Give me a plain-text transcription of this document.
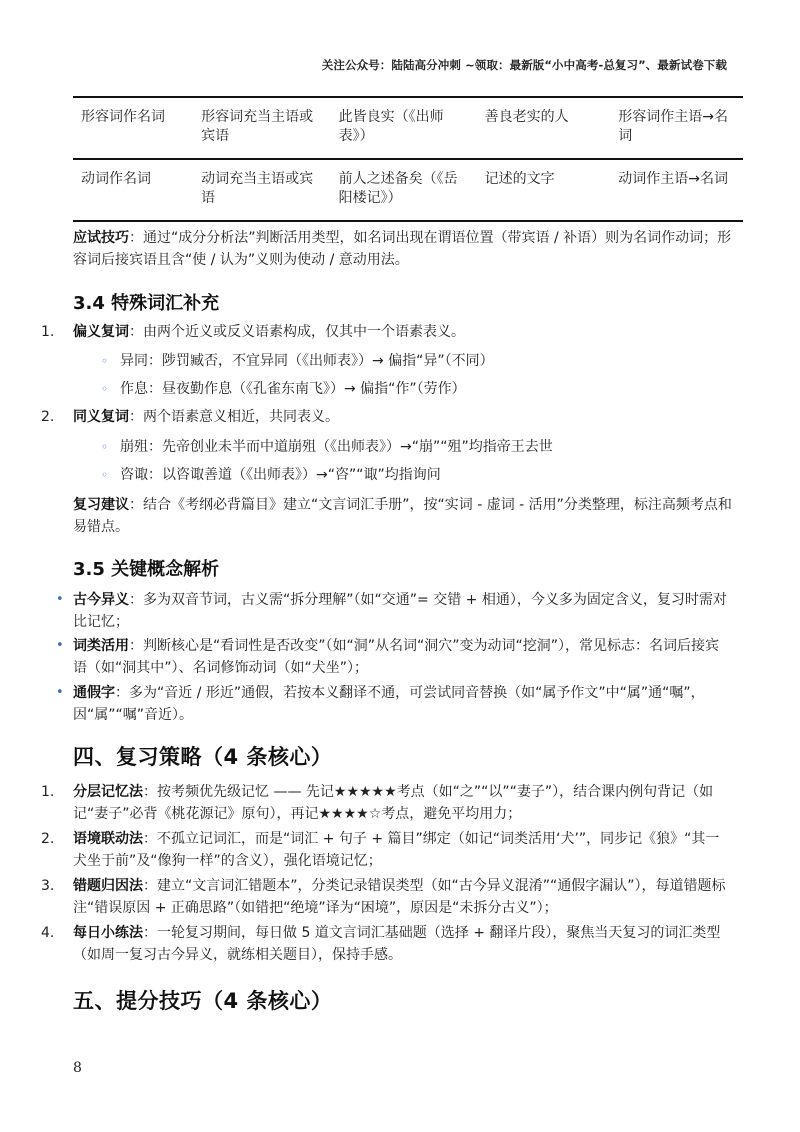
关注公众号：陆陆高分冲刺 ~领取：最新版“小中高考-总复习”、最新试卷下载
形容词作名词	形容词充当主语或宾语	此皆良实（《出师表》）	善良老实的人	形容词作主语→名词
动词作名词	动词充当主语或宾语	前人之述备矣（《岳阳楼记》）	记述的文字	动词作主语→名词
应试技巧：通过“成分分析法”判断活用类型，如名词出现在谓语位置（带宾语 / 补语）则为名词作动词；形容词后接宾语且含“使 / 认为”义则为使动 / 意动用法。
3.4 特殊词汇补充
1. 偏义复词：由两个近义或反义语素构成，仅其中一个语素表义。
◦ 异同：陟罚臧否，不宜异同（《出师表》）→ 偏指“异”（不同）
◦ 作息：昼夜勤作息（《孔雀东南飞》）→ 偏指“作”（劳作）
2. 同义复词：两个语素意义相近，共同表义。
◦ 崩殂：先帝创业未半而中道崩殂（《出师表》）→“崩”“殂”均指帝王去世
◦ 咨诹：以咨诹善道（《出师表》）→“咨”“诹”均指询问
复习建议：结合《考纲必背篇目》建立“文言词汇手册”，按“实词 - 虚词 - 活用”分类整理，标注高频考点和易错点。
3.5 关键概念解析
• 古今异义：多为双音节词，古义需“拆分理解”（如“交通”= 交错 + 相通），今义多为固定含义，复习时需对比记忆；
• 词类活用：判断核心是“看词性是否改变”（如“洞”从名词“洞穴”变为动词“挖洞”），常见标志：名词后接宾语（如“洞其中”）、名词修饰动词（如“犬坐”）；
• 通假字：多为“音近 / 形近”通假，若按本义翻译不通，可尝试同音替换（如“属予作文”中“属”通“嘱”，因“属”“嘱”音近）。
四、复习策略（4 条核心）
1. 分层记忆法：按考频优先级记忆 —— 先记★★★★★考点（如“之”“以”“妻子”），结合课内例句背记（如记“妻子”必背《桃花源记》原句），再记★★★★☆考点，避免平均用力；
2. 语境联动法：不孤立记词汇，而是“词汇 + 句子 + 篇目”绑定（如记“词类活用‘犬’”，同步记《狼》“其一犬坐于前”及“像狗一样”的含义），强化语境记忆；
3. 错题归因法：建立“文言词汇错题本”，分类记录错误类型（如“古今异义混淆”“通假字漏认”），每道错题标注“错误原因 + 正确思路”（如错把“绝境”译为“困境”，原因是“未拆分古义”）；
4. 每日小练法：一轮复习期间，每日做 5 道文言词汇基础题（选择 + 翻译片段），聚焦当天复习的词汇类型（如周一复习古今异义，就练相关题目），保持手感。
五、提分技巧（4 条核心）
8
